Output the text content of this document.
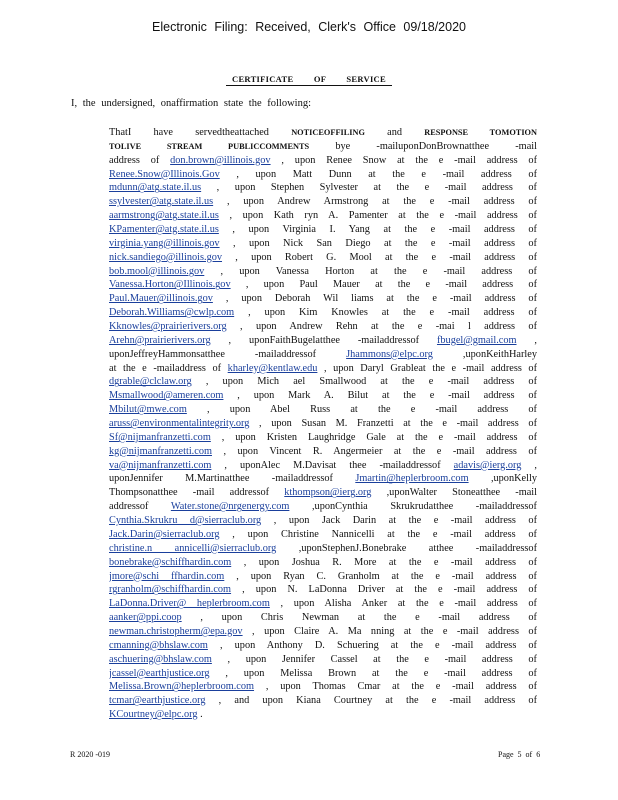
Electronic Filing: Received, Clerk's Office 09/18/2020
CERTIFICATE OF SERVICE
I, the undersigned, onaffirmation state the following:
ThatI have servedtheattached NOTICEOFFILING and RESPONSE TOMOTION
TOLIVE STREAM PUBLICCOMMENTS bye -mailuponDonBrownatthee -mail
address of don.brown@illinois.gov , upon Renee Snow at the e -mail address of
Renee.Snow@Illinois.Gov , upon Matt Dunn at the e -mail address of
mdunn@atg.state.il.us , upon Stephen Sylvester at the e -mail address of
ssylvester@atg.state.il.us , upon Andrew Armstrong at the e -mail address of
aarmstrong@atg.state.il.us , upon Kath ryn A. Pamenter at the e -mail address of
KPamenter@atg.state.il.us , upon Virginia I. Yang at the e -mail address of
virginia.yang@illinois.gov , upon Nick San Diego at the e -mail address of
nick.sandiego@illinois.gov , upon Robert G. Mool at the e -mail address of
bob.mool@illinois.gov , upon Vanessa Horton at the e -mail address of
Vanessa.Horton@Illinois.gov , upon Paul Mauer at the e -mail address of
Paul.Mauer@illinois.gov , upon Deborah Wil liams at the e -mail address of
Deborah.Williams@cwlp.com , upon Kim Knowles at the e -mail address of
Kknowles@prairierivers.org , upon Andrew Rehn at the e -mai l address of
Arehn@prairierivers.org , uponFaithBugelatthee -mailaddressof fbugel@gmail.com ,
uponJeffreyHammonsatthee -mailaddressof Jhammons@elpc.org ,uponKeithHarley
at the e -mailaddress of kharley@kentlaw.edu , upon Daryl Grableat the e -mail address of
dgrable@clclaw.org , upon Mich ael Smallwood at the e -mail address of
Msmallwood@ameren.com , upon Mark A. Bilut at the e -mail address of
Mbilut@mwe.com , upon Abel Russ at the e -mail address of
aruss@environmentalintegrity.org , upon Susan M. Franzetti at the e -mail address of
Sf@nijmanfranzetti.com , upon Kristen Laughridge Gale at the e -mail address of
kg@nijmanfranzetti.com , upon Vincent R. Angermeier at the e -mail address of
va@nijmanfranzetti.com , uponAlec M.Davisat thee -mailaddressof adavis@ierg.org ,
uponJennifer M.Martinatthee -mailaddressof Jmartin@heplerbroom.com ,uponKelly
Thompsonatthee -mail addressof kthompson@ierg.org ,uponWalter Stoneatthee -mail
addressof Water.stone@nrgenergy.com ,uponCynthia Skrukrudatthee -mailaddressof
Cynthia.Skrukru d@sierraclub.org , upon Jack Darin at the e -mail address of
Jack.Darin@sierraclub.org , upon Christine Nannicelli at the e -mail address of
christine.n annicelli@sierraclub.org ,uponStephenJ.Bonebrake atthee -mailaddressof
bonebrake@schiffhardin.com , upon Joshua R. More at the e -mail address of
jmore@schi ffhardin.com , upon Ryan C. Granholm at the e -mail address of
rgranholm@schiffhardin.com , upon N. LaDonna Driver at the e -mail address of
LaDonna.Driver@ heplerbroom.com , upon Alisha Anker at the e -mail address of
aanker@ppi.coop , upon Chris Newman at the e -mail address of
newman.christopherm@epa.gov , upon Claire A. Ma nning at the e -mail address of
cmanning@bhslaw.com , upon Anthony D. Schuering at the e -mail address of
aschuering@bhslaw.com , upon Jennifer Cassel at the e -mail address of
jcassel@earthjustice.org , upon Melissa Brown at the e -mail address of
Melissa.Brown@heplerbroom.com , upon Thomas Cmar at the e -mail address of
tcmar@earthjustice.org , and upon Kiana Courtney at the e -mail address of
KCourtney@elpc.org .
R 2020 -019	Page 5 of 6
